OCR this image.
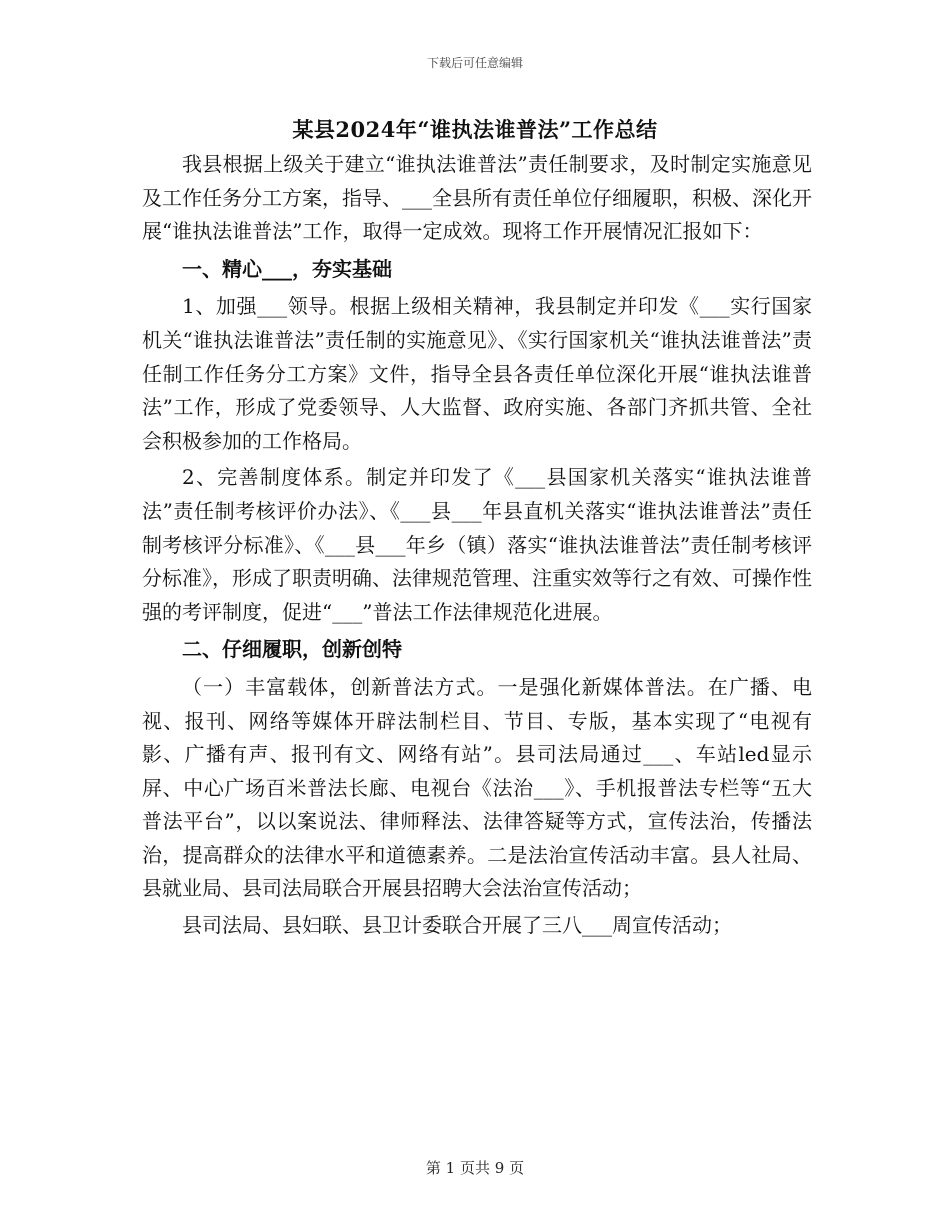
下载后可任意编辑
某县2024年“谁执法谁普法”工作总结

我县根据上级关于建立“谁执法谁普法”责任制要求，及时制定实施意见及工作任务分工方案，指导、___全县所有责任单位仔细履职，积极、深化开展“谁执法谁普法”工作，取得一定成效。现将工作开展情况汇报如下：

一、精心___，夯实基础

1、加强___领导。根据上级相关精神，我县制定并印发《___实行国家机关“谁执法谁普法”责任制的实施意见》、《实行国家机关“谁执法谁普法”责任制工作任务分工方案》文件，指导全县各责任单位深化开展“谁执法谁普法”工作，形成了党委领导、人大监督、政府实施、各部门齐抓共管、全社会积极参加的工作格局。

2、完善制度体系。制定并印发了《___县国家机关落实“谁执法谁普法”责任制考核评价办法》、《___县___年县直机关落实“谁执法谁普法”责任制考核评分标准》、《___县___年乡（镇）落实“谁执法谁普法”责任制考核评分标准》，形成了职责明确、法律规范管理、注重实效等行之有效、可操作性强的考评制度，促进“___”普法工作法律规范化进展。

二、仔细履职，创新创特

（一）丰富载体，创新普法方式。一是强化新媒体普法。在广播、电视、报刊、网络等媒体开辟法制栏目、节目、专版，基本实现了“电视有影、广播有声、报刊有文、网络有站”。县司法局通过___、车站led显示屏、中心广场百米普法长廊、电视台《法治___》、手机报普法专栏等“五大普法平台”，以以案说法、律师释法、法律答疑等方式，宣传法治，传播法治，提高群众的法律水平和道德素养。二是法治宣传活动丰富。县人社局、县就业局、县司法局联合开展县招聘大会法治宣传活动；

县司法局、县妇联、县卫计委联合开展了三八___周宣传活动；

第 1 页共 9 页
